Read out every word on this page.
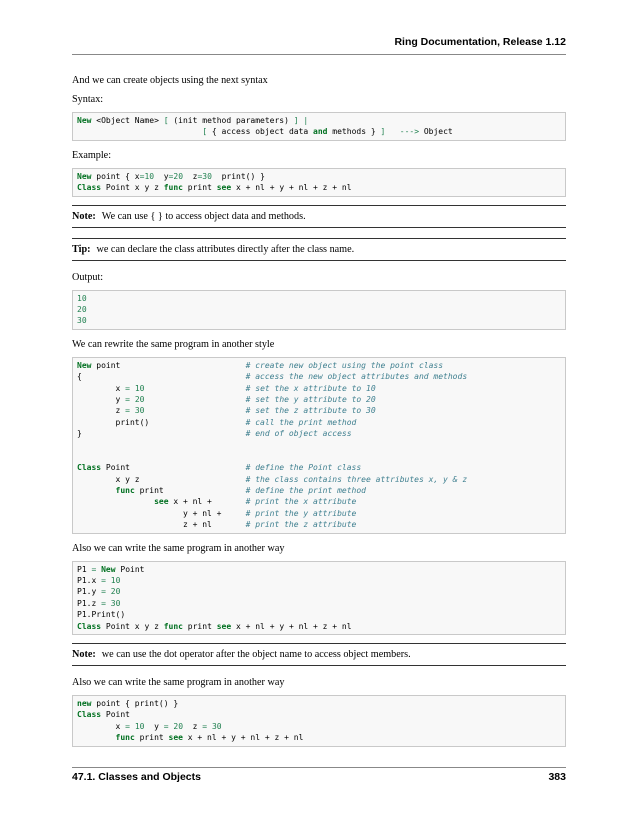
Ring Documentation, Release 1.12

And we can create objects using the next syntax

Syntax:

New <Object Name> [ (init method parameters) ] |
[ { access object data and methods } ] ---> Object

Example:

New point { x=10  y=20  z=30  print() }
Class Point x y z func print see x + nl + y + nl + z + nl
Note: We can use { } to access object data and methods.
Tip: we can declare the class attributes directly after the class name.

Output:

10
20
30

We can rewrite the same program in another style

New point                          # create new object using the point class
{                                  # access the new object attributes and methods
x = 10	# set the x attribute to 10
y = 20	# set the y attribute to 20
z = 30	# set the z attribute to 30
print()                    # call the print method
}                                  # end of object access
Class Point                        # define the Point class
x y z                      # the class contains three attributes x, y & z
func print                 # define the print method
see x + nl +       # print the x attribute
y + nl +     # print the y attribute
z + nl       # print the z attribute

Also we can write the same program in another way

P1 = New Point
P1.x = 10
P1.y = 20
P1.z = 30
P1.Print()
Class Point x y z func print see x + nl + y + nl + z + nl
Note: we can use the dot operator after the object name to access object members.

Also we can write the same program in another way

new point { print() }
Class Point
x = 10  y = 20  z = 30
func print see x + nl + y + nl + z + nl
47.1. Classes and Objects	383
